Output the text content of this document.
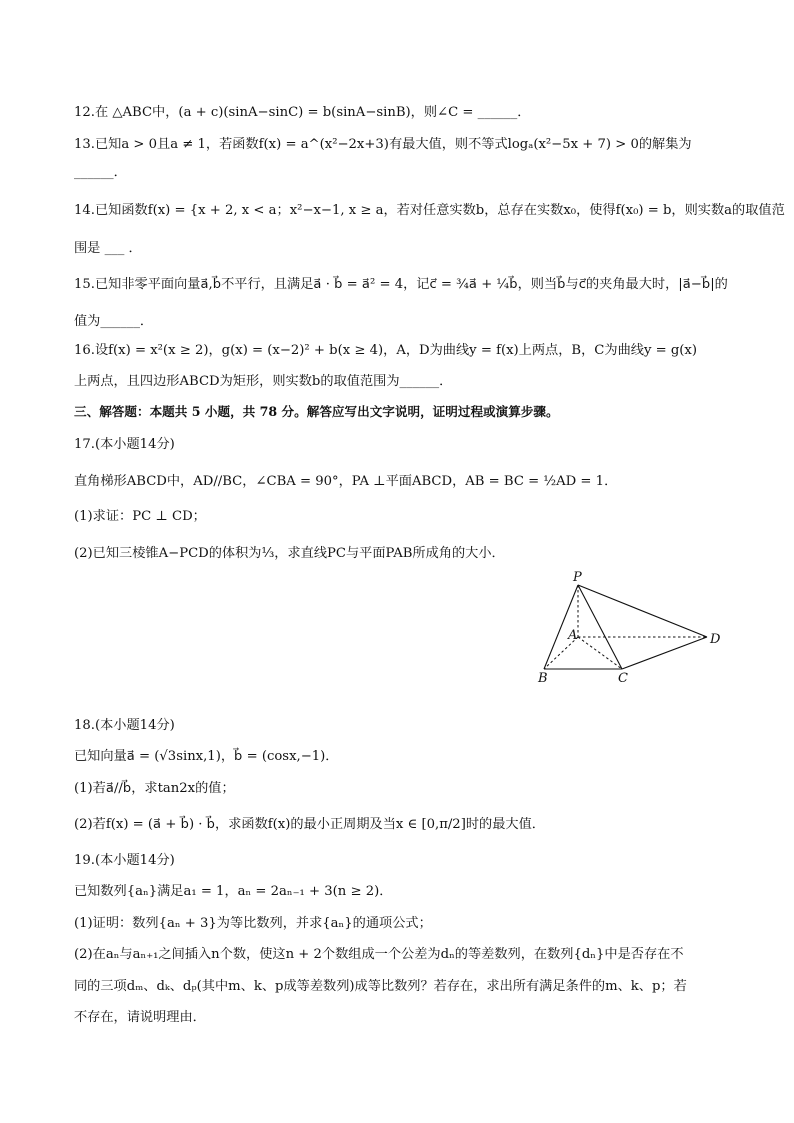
12.在 △ABC中，(a + c)(sinA−sinC) = b(sinA−sinB)，则∠C = ______．
13.已知a > 0且a ≠ 1，若函数f(x) = a^(x²−2x+3)有最大值，则不等式logₐ(x²−5x + 7) > 0的解集为
______．
14.已知函数f(x) = {x + 2, x < a；x²−x−1, x ≥ a，若对任意实数b，总存在实数x₀，使得f(x₀) = b，则实数a的取值范
围是 ___ ．
15.已知非零平面向量a⃗,b⃗不平行，且满足a⃗ · b⃗ = a⃗² = 4，记c⃗ = ¾a⃗ + ¼b⃗，则当b⃗与c⃗的夹角最大时，|a⃗−b⃗|的
值为______．
16.设f(x) = x²(x ≥ 2)，g(x) = (x−2)² + b(x ≥ 4)，A，D为曲线y = f(x)上两点，B，C为曲线y = g(x)
上两点，且四边形ABCD为矩形，则实数b的取值范围为______．
三、解答题：本题共 5 小题，共 78 分。解答应写出文字说明，证明过程或演算步骤。
17.(本小题14分)
直角梯形ABCD中，AD//BC，∠CBA = 90°，PA ⊥平面ABCD，AB = BC = ½AD = 1．
(1)求证：PC ⊥ CD；
(2)已知三棱锥A−PCD的体积为⅓，求直线PC与平面PAB所成角的大小．
P
A
B	C
D
18.(本小题14分)
已知向量a⃗ = (√3sinx,1)，b⃗ = (cosx,−1)．
(1)若a⃗//b⃗，求tan2x的值；
(2)若f(x) = (a⃗ + b⃗) · b⃗，求函数f(x)的最小正周期及当x ∈ [0,π/2]时的最大值．
19.(本小题14分)
已知数列{aₙ}满足a₁ = 1，aₙ = 2aₙ₋₁ + 3(n ≥ 2)．
(1)证明：数列{aₙ + 3}为等比数列，并求{aₙ}的通项公式；
(2)在aₙ与aₙ₊₁之间插入n个数，使这n + 2个数组成一个公差为dₙ的等差数列，在数列{dₙ}中是否存在不
同的三项dₘ、dₖ、dₚ(其中m、k、p成等差数列)成等比数列？若存在，求出所有满足条件的m、k、p；若
不存在，请说明理由．
